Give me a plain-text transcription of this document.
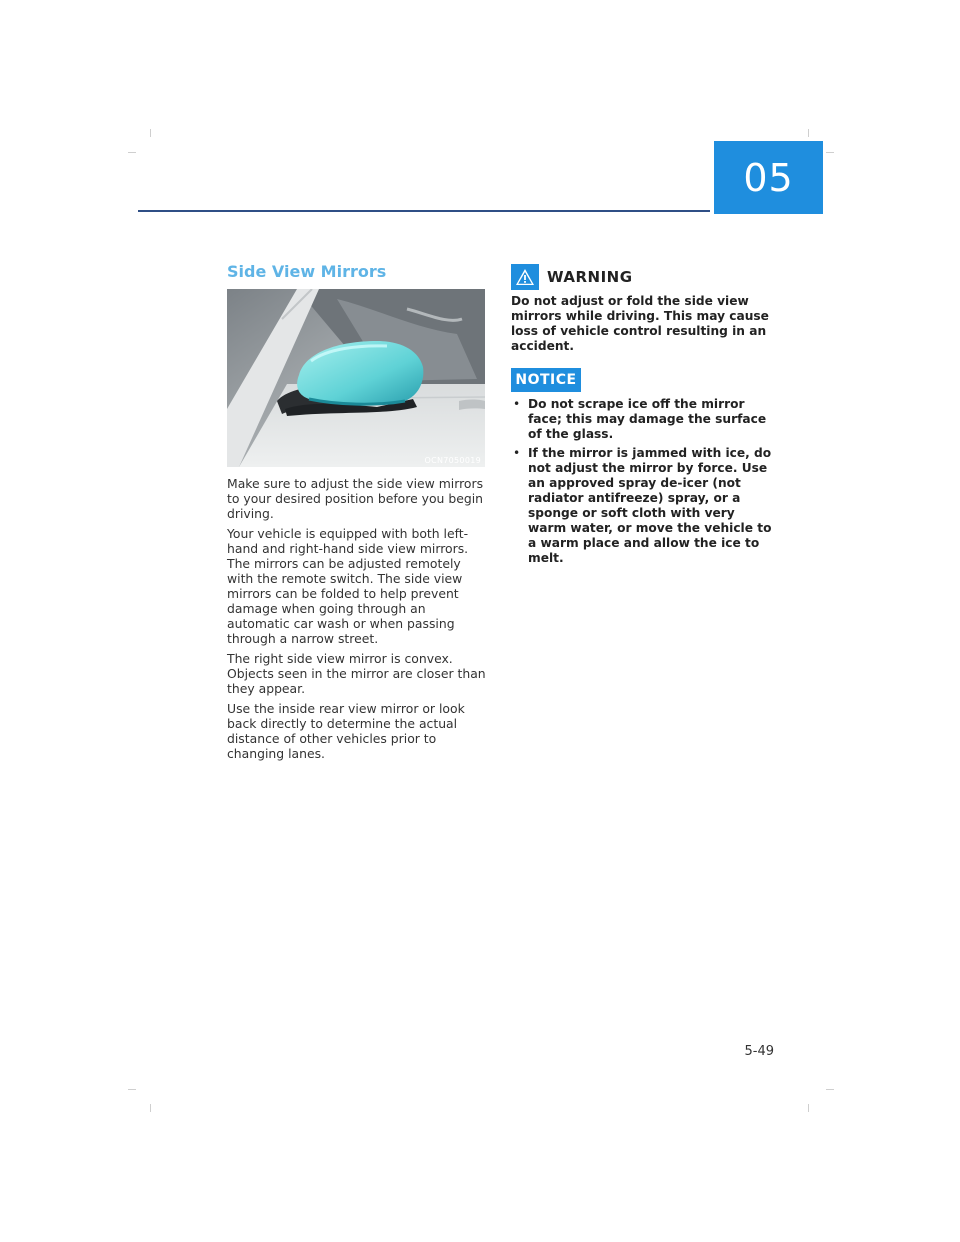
05
Side View Mirrors
OCN7050019

Make sure to adjust the side view mirrors to your desired position before you begin driving.

Your vehicle is equipped with both left-hand and right-hand side view mirrors. The mirrors can be adjusted remotely with the remote switch. The side view mirrors can be folded to help prevent damage when going through an automatic car wash or when passing through a narrow street.

The right side view mirror is convex. Objects seen in the mirror are closer than they appear.

Use the inside rear view mirror or look back directly to determine the actual distance of other vehicles prior to changing lanes.

WARNING

Do not adjust or fold the side view mirrors while driving. This may cause loss of vehicle control resulting in an accident.

NOTICE
• Do not scrape ice off the mirror face; this may damage the surface of the glass.
• If the mirror is jammed with ice, do not adjust the mirror by force. Use an approved spray de-icer (not radiator antifreeze) spray, or a sponge or soft cloth with very warm water, or move the vehicle to a warm place and allow the ice to melt.
5-49
